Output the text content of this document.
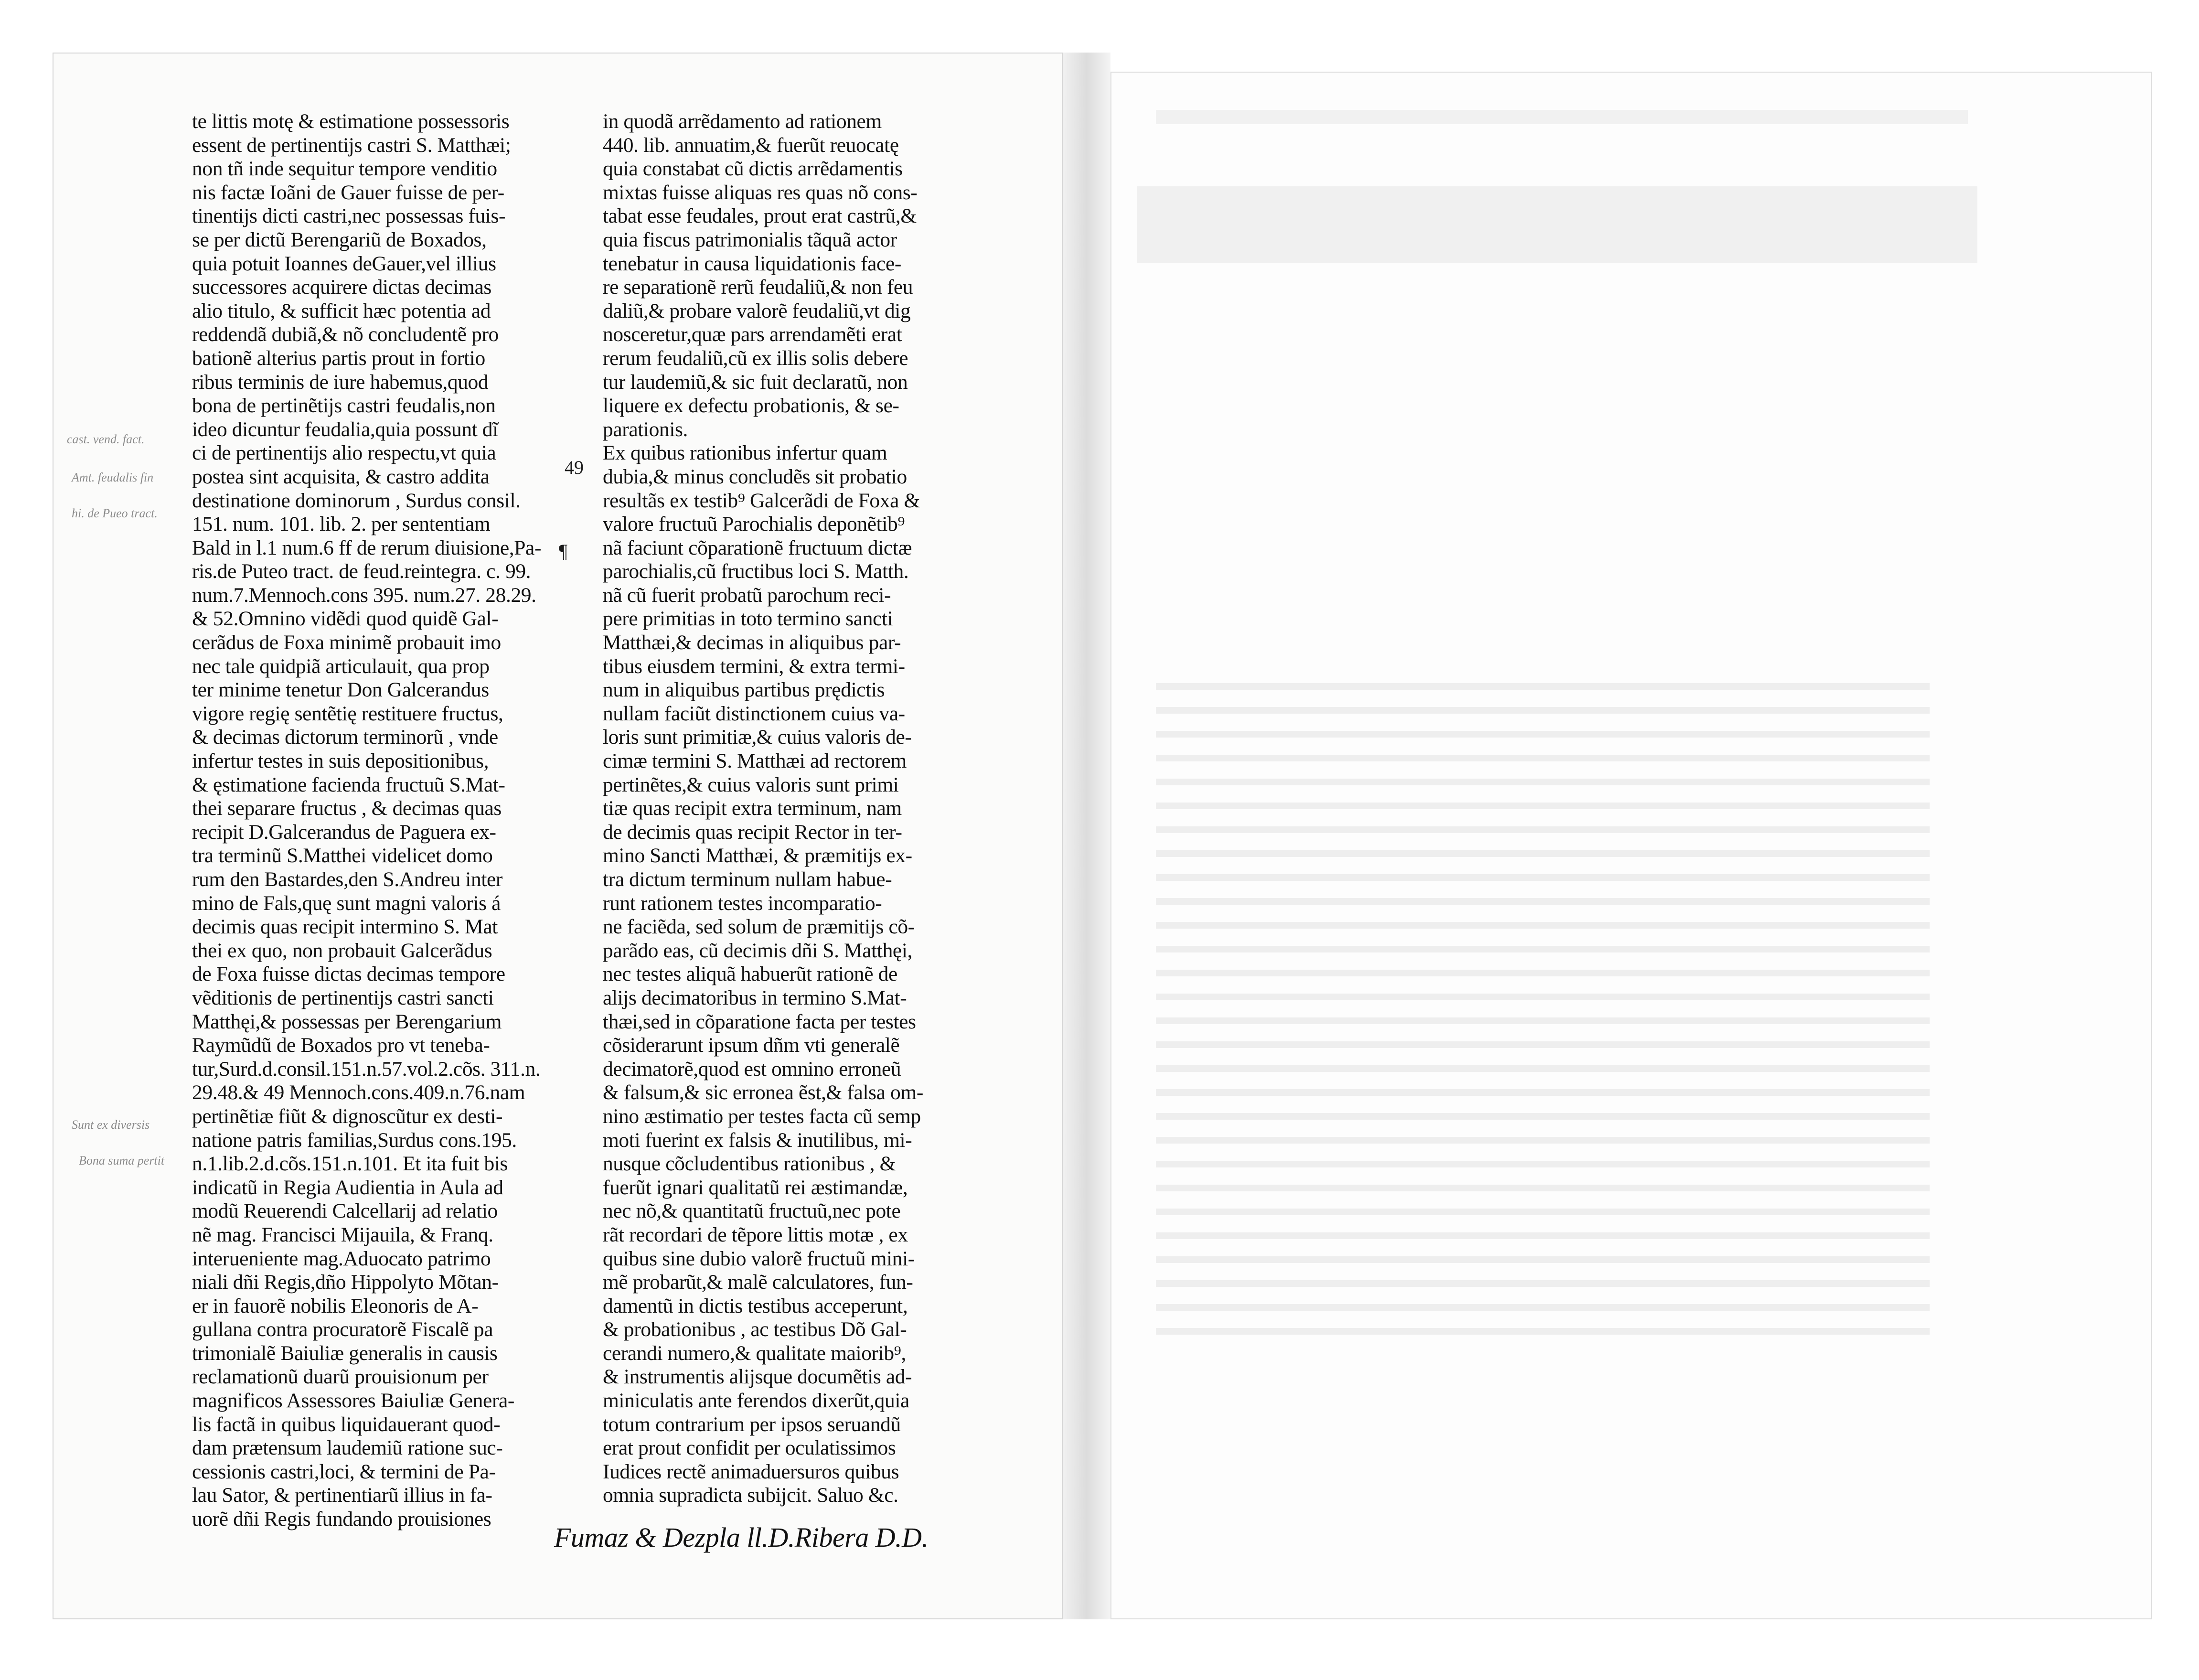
te littis motę & estimatione possessoris
essent de pertinentijs castri S. Matthæi;
non tñ inde sequitur tempore venditio
nis factæ Ioãni de Gauer fuisse de per-
tinentijs dicti castri,nec possessas fuis-
se per dictũ Berengariũ de Boxados,
quia potuit Ioannes deGauer,vel illius
successores acquirere dictas decimas
alio titulo, & sufficit hæc potentia ad
reddendã dubiã,& nõ concludentẽ pro
bationẽ alterius partis prout in fortio
ribus terminis de iure habemus,quod
bona de pertinẽtijs castri feudalis,non
ideo dicuntur feudalia,quia possunt dĩ
ci de pertinentijs alio respectu,vt quia
postea sint acquisita, & castro addita
destinatione dominorum , Surdus consil.
151. num. 101. lib. 2. per sententiam
Bald in l.1 num.6 ff de rerum diuisione,Pa-
ris.de Puteo tract. de feud.reintegra. c. 99.
num.7.Mennoch.cons 395. num.27. 28.29.
& 52.Omnino vidẽdi quod quidẽ Gal-
cerãdus de Foxa minimẽ probauit imo
nec tale quidpiã articulauit, qua prop
ter minime tenetur Don Galcerandus
vigore regię sentẽtię restituere fructus,
& decimas dictorum terminorũ , vnde
infertur testes in suis depositionibus,
& ęstimatione facienda fructuũ S.Mat-
thei separare fructus , & decimas quas
recipit D.Galcerandus de Paguera ex-
tra terminũ S.Matthei videlicet domo
rum den Bastardes,den S.Andreu inter
mino de Fals,quę sunt magni valoris á
decimis quas recipit intermino S. Mat
thei ex quo, non probauit Galcerãdus
de Foxa fuisse dictas decimas tempore
vẽditionis de pertinentijs castri sancti
Matthęi,& possessas per Berengarium
Raymũdũ de Boxados pro vt teneba-
tur,Surd.d.consil.151.n.57.vol.2.cõs. 311.n.
29.48.& 49 Mennoch.cons.409.n.76.nam
pertinẽtiæ fiũt & dignoscũtur ex desti-
natione patris familias,Surdus cons.195.
n.1.lib.2.d.cõs.151.n.101. Et ita fuit bis
indicatũ in Regia Audientia in Aula ad
modũ Reuerendi Calcellarij ad relatio
nẽ mag. Francisci Mijauila, & Franq.
interueniente mag.Aduocato patrimo
niali dñi Regis,dño Hippolyto Mõtan-
er in fauorẽ nobilis Eleonoris de A-
gullana contra procuratorẽ Fiscalẽ pa
trimonialẽ Baiuliæ generalis in causis
reclamationũ duarũ prouisionum per
magnificos Assessores Baiuliæ Genera-
lis factã in quibus liquidauerant quod-
dam prætensum laudemiũ ratione suc-
cessionis castri,loci, & termini de Pa-
lau Sator, & pertinentiarũ illius in fa-
uorẽ dñi Regis fundando prouisiones
in quodã arrẽdamento ad rationem
440. lib. annuatim,& fuerũt reuocatę
quia constabat cũ dictis arrẽdamentis
mixtas fuisse aliquas res quas nõ cons-
tabat esse feudales, prout erat castrũ,&
quia fiscus patrimonialis tãquã actor
tenebatur in causa liquidationis face-
re separationẽ rerũ feudaliũ,& non feu
daliũ,& probare valorẽ feudaliũ,vt dig
nosceretur,quæ pars arrendamẽti erat
rerum feudaliũ,cũ ex illis solis debere
tur laudemiũ,& sic fuit declaratũ, non
liquere ex defectu probationis, & se-
parationis.
Ex quibus rationibus infertur quam
dubia,& minus concludẽs sit probatio
resultãs ex testib⁹ Galcerãdi de Foxa &
valore fructuũ Parochialis deponẽtib⁹
nã faciunt cõparationẽ fructuum dictæ
parochialis,cũ fructibus loci S. Matth.
nã cũ fuerit probatũ parochum reci-
pere primitias in toto termino sancti
Matthæi,& decimas in aliquibus par-
tibus eiusdem termini, & extra termi-
num in aliquibus partibus prędictis
nullam faciũt distinctionem cuius va-
loris sunt primitiæ,& cuius valoris de-
cimæ termini S. Matthæi ad rectorem
pertinẽtes,& cuius valoris sunt primi
tiæ quas recipit extra terminum, nam
de decimis quas recipit Rector in ter-
mino Sancti Matthæi, & præmitijs ex-
tra dictum terminum nullam habue-
runt rationem testes incomparatio-
ne faciẽda, sed solum de præmitijs cõ-
parãdo eas, cũ decimis dñi S. Matthęi,
nec testes aliquã habuerũt rationẽ de
alijs decimatoribus in termino S.Mat-
thæi,sed in cõparatione facta per testes
cõsiderarunt ipsum dñm vti generalẽ
decimatorẽ,quod est omnino erroneũ
& falsum,& sic erronea ẽst,& falsa om-
nino æstimatio per testes facta cũ semp
moti fuerint ex falsis & inutilibus, mi-
nusque cõcludentibus rationibus , &
fuerũt ignari qualitatũ rei æstimandæ,
nec nõ,& quantitatũ fructuũ,nec pote
rãt recordari de tẽpore littis motæ , ex
quibus sine dubio valorẽ fructuũ mini-
mẽ probarũt,& malẽ calculatores, fun-
damentũ in dictis testibus acceperunt,
& probationibus , ac testibus Dõ Gal-
cerandi numero,& qualitate maiorib⁹,
& instrumentis alijsque documẽtis ad-
miniculatis ante ferendos dixerũt,quia
totum contrarium per ipsos seruandũ
erat prout confidit per oculatissimos
Iudices rectẽ animaduersuros quibus
omnia supradicta subijcit. Saluo &c.
Fumaz & Dezpla ll.D.Ribera D.D.
cast. vend. fact.
Amt. feudalis fin
hi. de Pueo tract.
Sunt ex diversis
Bona suma pertit
49
¶
